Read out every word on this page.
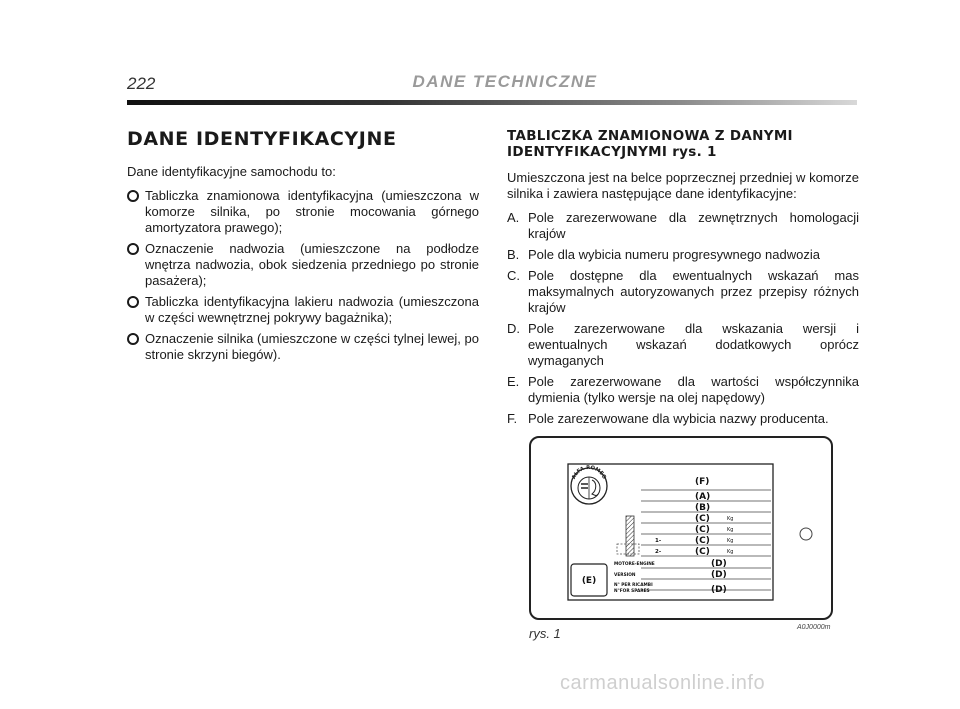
222	DANE TECHNICZNE

DANE IDENTYFIKACYJNE

Dane identyfikacyjne samochodu to:

Tabliczka znamionowa identyfikacyjna (umieszczona w komorze silnika, po stronie mocowania górnego amortyzatora prawego);
Oznaczenie nadwozia (umieszczone na podłodze wnętrza nadwozia, obok siedzenia przedniego po stronie pasażera);
Tabliczka identyfikacyjna lakieru nadwozia (umieszczona w części wewnętrznej pokrywy bagażnika);
Oznaczenie silnika (umieszczone w części tylnej lewej, po stronie skrzyni biegów).
TABLICZKA ZNAMIONOWA Z DANYMI
IDENTYFIKACYJNYMI rys. 1

Umieszczona jest na belce poprzecznej przedniej w komorze silnika i zawiera następujące dane identyfikacyjne:

A. Pole zarezerwowane dla zewnętrznych homologacji krajów
B. Pole dla wybicia numeru progresywnego nadwozia
C. Pole dostępne dla ewentualnych wskazań mas maksymalnych autoryzowanych przez przepisy różnych krajów
D. Pole zarezerwowane dla wskazania wersji i ewentualnych wskazań dodatkowych oprócz wymaganych
E. Pole zarezerwowane dla wartości współczynnika dymienia (tylko wersje na olej napędowy)
F. Pole zarezerwowane dla wybicia nazwy producenta.
ALFA ROMEO
(F)
(A)
(B)
(C)
(C)
(C)
(C)
(D)
(D)
(D)
Kg
Kg
Kg
Kg
1-
2-
MOTORE-ENGINE
VERSION
N° PER RICAMBI
N°FOR SPARES
(E)

rys. 1	A0J0000m

carmanualsonline.info
